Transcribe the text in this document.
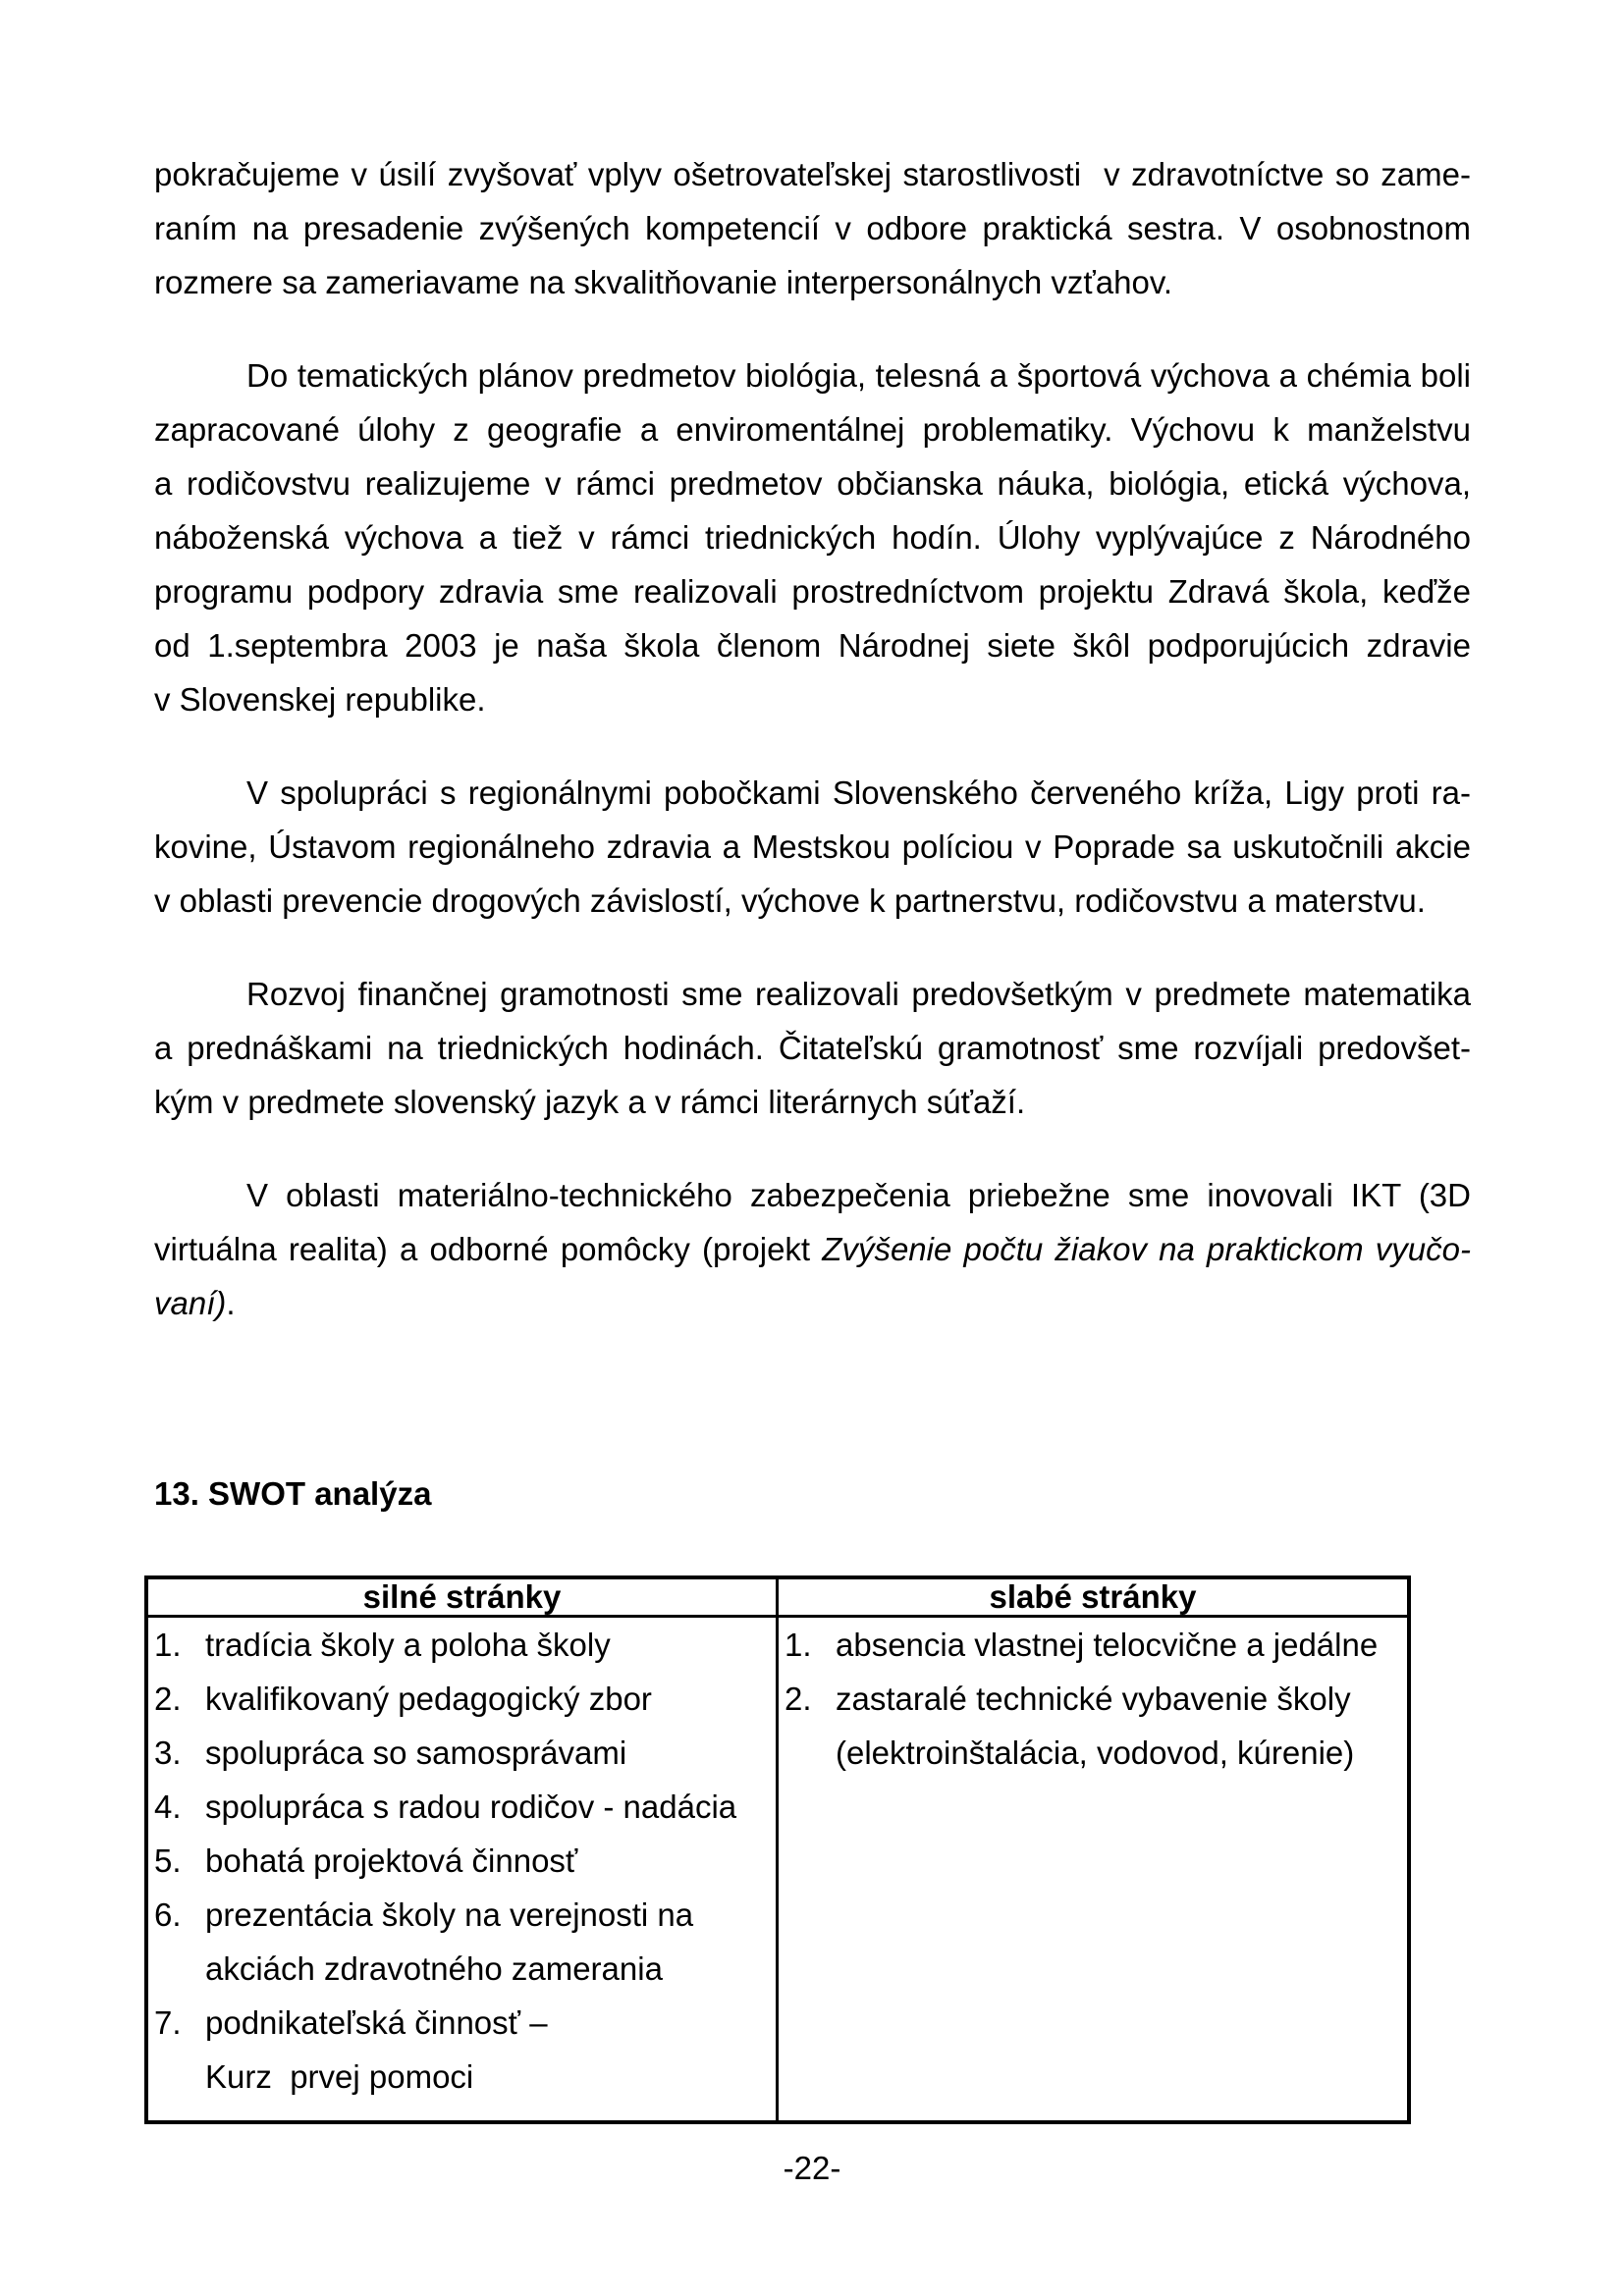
pokračujeme v úsilí zvyšovať vplyv ošetrovateľskej starostlivosti  v zdravotníctve so zame-
raním na presadenie zvýšených kompetencií v odbore praktická sestra. V osobnostnom
rozmere sa zameriavame na skvalitňovanie interpersonálnych vzťahov.
Do tematických plánov predmetov biológia, telesná a športová výchova a chémia boli
zapracované úlohy z geografie a enviromentálnej problematiky. Výchovu k manželstvu
a rodičovstvu realizujeme v rámci predmetov občianska náuka, biológia, etická výchova,
náboženská výchova a tiež v rámci triednických hodín. Úlohy vyplývajúce z Národného
programu podpory zdravia sme realizovali prostredníctvom projektu Zdravá škola, keďže
od 1.septembra 2003 je naša škola členom Národnej siete škôl podporujúcich zdravie
v Slovenskej republike.
V spolupráci s regionálnymi pobočkami Slovenského červeného kríža, Ligy proti ra-
kovine, Ústavom regionálneho zdravia a Mestskou políciou v Poprade sa uskutočnili akcie
v oblasti prevencie drogových závislostí, výchove k partnerstvu, rodičovstvu a materstvu.
Rozvoj finančnej gramotnosti sme realizovali predovšetkým v predmete matematika
a prednáškami na triednických hodinách. Čitateľskú gramotnosť sme rozvíjali predovšet-
kým v predmete slovenský jazyk a v rámci literárnych súťaží.
V oblasti materiálno-technického zabezpečenia priebežne sme inovovali IKT (3D
virtuálna realita) a odborné pomôcky (projekt Zvýšenie počtu žiakov na praktickom vyučo-
vaní).
13. SWOT analýza
silné stránky	slabé stránky
1. tradícia školy a poloha školy
2. kvalifikovaný pedagogický zbor
3. spolupráca so samosprávami
4. spolupráca s radou rodičov - nadácia
5. bohatá projektová činnosť
6. prezentácia školy na verejnosti na
akciách zdravotného zamerania
7. podnikateľská činnosť –
Kurz  prvej pomoci
1. absencia vlastnej telocvične a jedálne
2. zastaralé technické vybavenie školy
(elektroinštalácia, vodovod, kúrenie)
-22-
